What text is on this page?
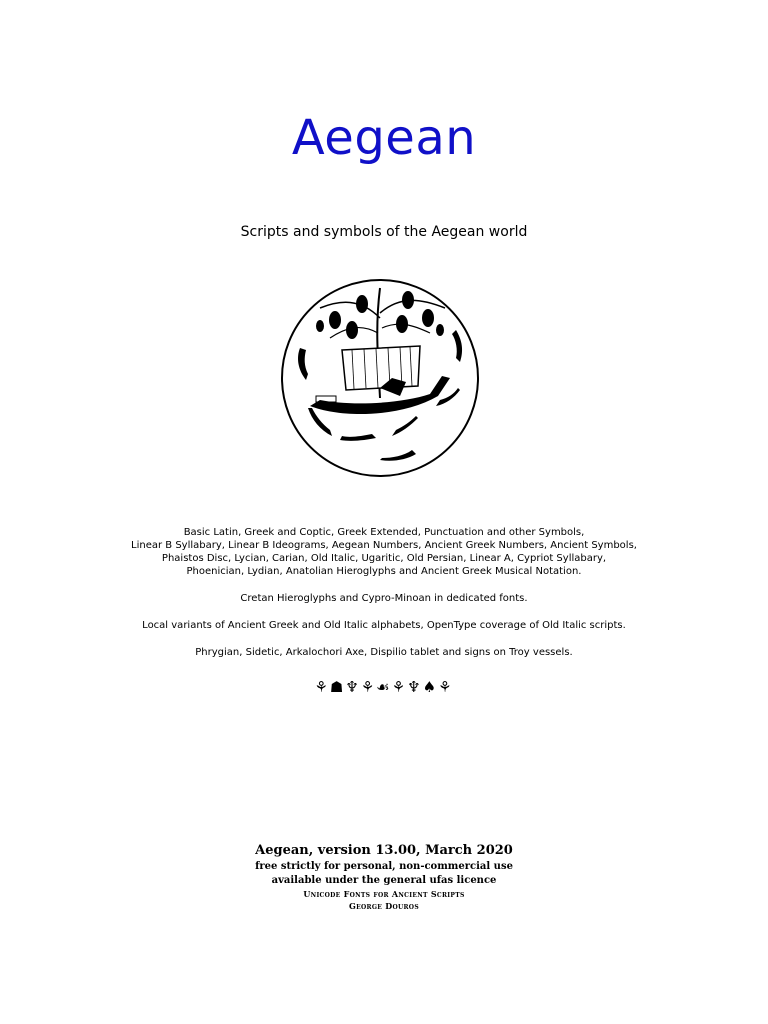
Aegean
Scripts and symbols of the Aegean world

Basic Latin, Greek and Coptic, Greek Extended, Punctuation and other Symbols,
Linear B Syllabary, Linear B Ideograms, Aegean Numbers, Ancient Greek Numbers, Ancient Symbols,
Phaistos Disc, Lycian, Carian, Old Italic, Ugaritic, Old Persian, Linear A, Cypriot Syllabary,
Phoenician, Lydian, Anatolian Hieroglyphs and Ancient Greek Musical Notation.

Cretan Hieroglyphs and Cypro-Minoan in dedicated fonts.

Local variants of Ancient Greek and Old Italic alphabets, OpenType coverage of Old Italic scripts.

Phrygian, Sidetic, Arkalochori Axe, Dispilio tablet and signs on Troy vessels.

⚘☗♆⚘☙⚘♆♠⚘
Aegean, version 13.00, March 2020
free strictly for personal, non-commercial use
available under the general ufas licence
Unicode Fonts for Ancient Scripts
George Douros
